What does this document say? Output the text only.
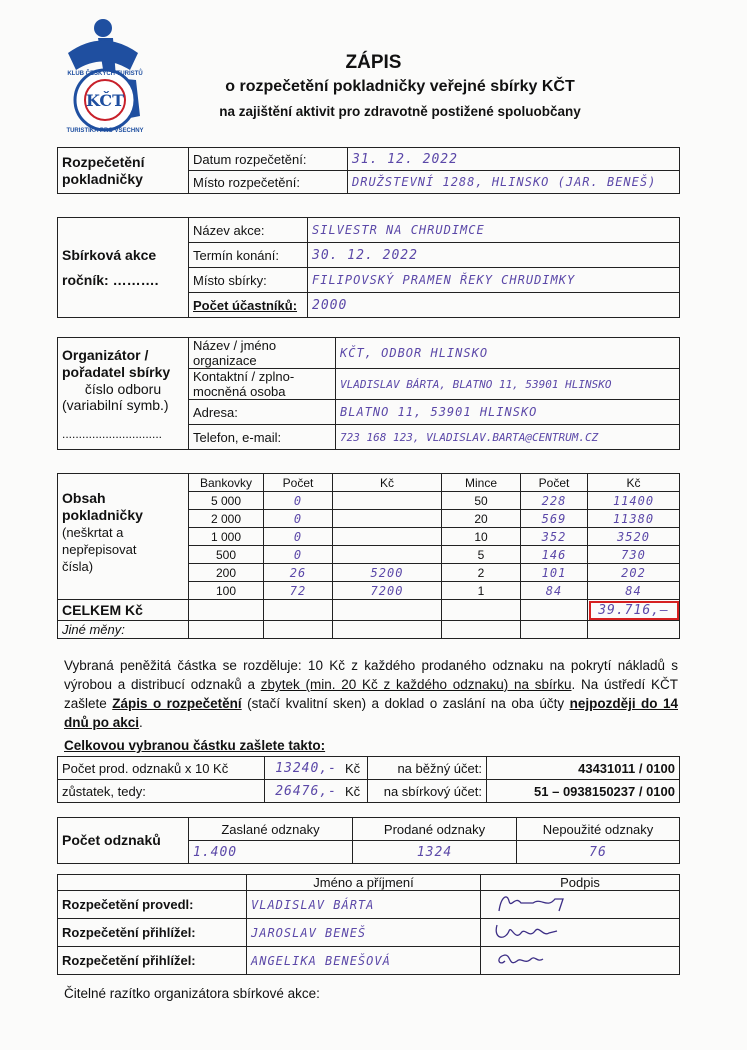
KČT
KLUB ČESKÝCH TURISTŮ
TURISTIKA PRO VŠECHNY
ZÁPIS
o rozpečetění pokladničky veřejné sbírky KČT
na zajištění aktivit pro zdravotně postižené spoluobčany
Rozpečetění pokladničky	Datum rozpečetění:	31. 12. 2022
	Místo rozpečetění:	DRUŽSTEVNÍ 1288, HLINSKO (JAR. BENEŠ)
Sbírková akce
ročník: ……….	Název akce:	SILVESTR NA CHRUDIMCE
	Termín konání:	30. 12. 2022
	Místo sbírky:	FILIPOVSKÝ PRAMEN ŘEKY CHRUDIMKY
	Počet účastníků:	2000
Organizátor /
pořadatel sbírky
číslo odboru
(variabilní symb.)
..............................	Název / jméno organizace	KČT, ODBOR HLINSKO
	Kontaktní / zplno-mocněná osoba	VLADISLAV BÁRTA, BLATNO 11, 53901 HLINSKO
	Adresa:	BLATNO 11, 53901 HLINSKO
	Telefon, e-mail:	723 168 123, VLADISLAV.BARTA@CENTRUM.CZ
Obsah
pokladničky
(neškrtat a
nepřepisovat
čísla)	Bankovky	Počet	Kč	Mince	Počet	Kč
	5 000	0		50	228	11400
	2 000	0		20	569	11380
	1 000	0		10	352	3520
	500	0		5	146	730
	200	26	5200	2	101	202
	100	72	7200	1	84	84
CELKEM Kč						39.716,—
Jiné měny:						
Vybraná peněžitá částka se rozděluje: 10 Kč z každého prodaného odznaku na pokrytí nákladů s výrobou a distribucí odznaků a zbytek (min. 20 Kč z každého odznaku) na sbírku. Na ústředí KČT zašlete Zápis o rozpečetění (stačí kvalitní sken) a doklad o zaslání na oba účty nejpozději do 14 dnů po akci.
Celkovou vybranou částku zašlete takto:
Počet prod. odznaků x 10 Kč	13240,-	Kč	na běžný účet:	43431011 / 0100
zůstatek, tedy:	26476,-	Kč	na sbírkový účet:	51 – 0938150237 / 0100
Počet odznaků	Zaslané odznaky	Prodané odznaky	Nepoužité odznaky
	1.400	1324	76
	Jméno a příjmení	Podpis
Rozpečetění provedl:	VLADISLAV BÁRTA	
Rozpečetění přihlížel:	JAROSLAV BENEŠ	
Rozpečetění přihlížel:	ANGELIKA BENEŠOVÁ	
Čitelné razítko organizátora sbírkové akce:
